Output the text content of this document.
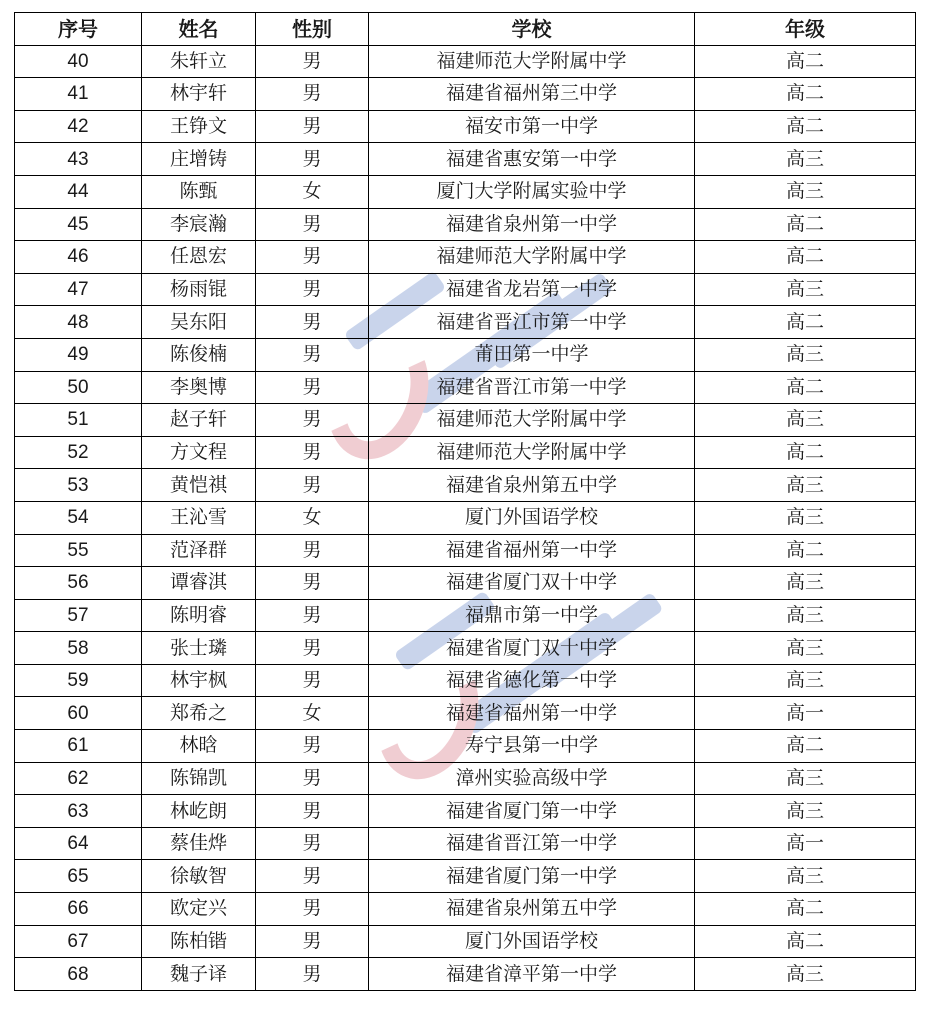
序号	姓名	性别	学校	年级
40	朱轩立	男	福建师范大学附属中学	高二
41	林宇轩	男	福建省福州第三中学	高二
42	王铮文	男	福安市第一中学	高二
43	庄增铸	男	福建省惠安第一中学	高三
44	陈甄	女	厦门大学附属实验中学	高三
45	李宸瀚	男	福建省泉州第一中学	高二
46	任恩宏	男	福建师范大学附属中学	高二
47	杨雨锟	男	福建省龙岩第一中学	高三
48	吴东阳	男	福建省晋江市第一中学	高二
49	陈俊楠	男	莆田第一中学	高三
50	李奥博	男	福建省晋江市第一中学	高二
51	赵子轩	男	福建师范大学附属中学	高三
52	方文程	男	福建师范大学附属中学	高二
53	黄恺祺	男	福建省泉州第五中学	高三
54	王沁雪	女	厦门外国语学校	高三
55	范泽群	男	福建省福州第一中学	高二
56	谭睿淇	男	福建省厦门双十中学	高三
57	陈明睿	男	福鼎市第一中学	高三
58	张士璘	男	福建省厦门双十中学	高三
59	林宇枫	男	福建省德化第一中学	高三
60	郑希之	女	福建省福州第一中学	高一
61	林晗	男	寿宁县第一中学	高二
62	陈锦凯	男	漳州实验高级中学	高三
63	林屹朗	男	福建省厦门第一中学	高三
64	蔡佳烨	男	福建省晋江第一中学	高一
65	徐敏智	男	福建省厦门第一中学	高三
66	欧定兴	男	福建省泉州第五中学	高二
67	陈柏锴	男	厦门外国语学校	高二
68	魏子译	男	福建省漳平第一中学	高三
